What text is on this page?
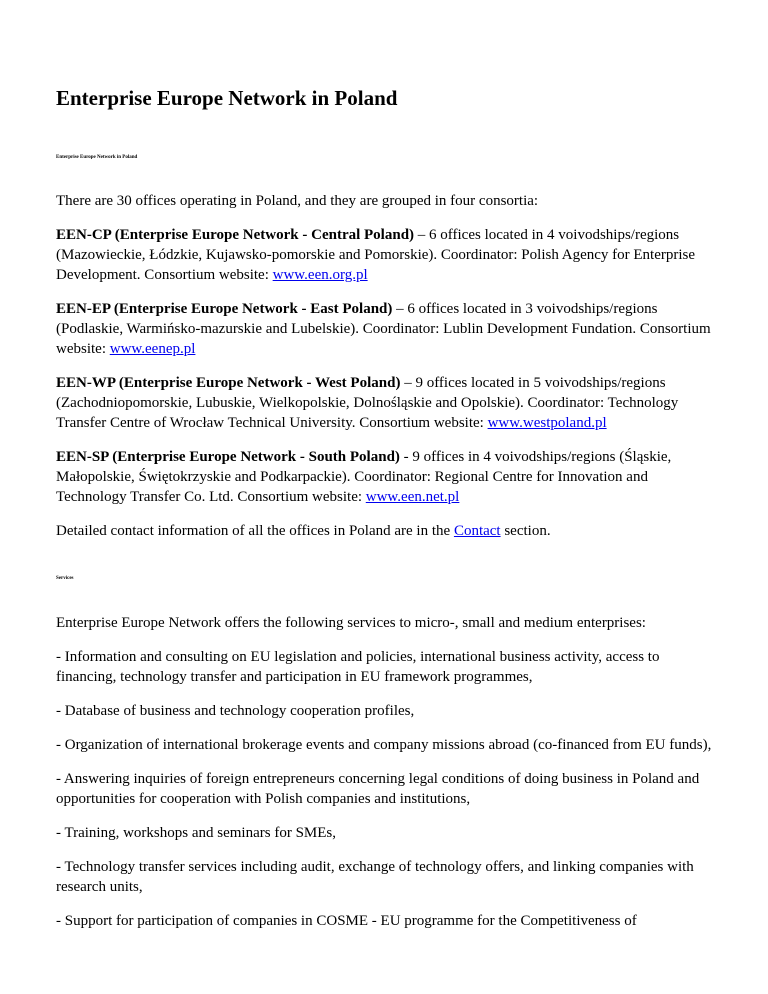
Enterprise Europe Network in Poland
Enterprise Europe Network in Poland

There are 30 offices operating in Poland, and they are grouped in four consortia:

EEN-CP (Enterprise Europe Network - Central Poland) – 6 offices located in 4 voivodships/regions (Mazowieckie, Łódzkie, Kujawsko-pomorskie and Pomorskie). Coordinator: Polish Agency for Enterprise Development. Consortium website: www.een.org.pl

EEN-EP (Enterprise Europe Network - East Poland) – 6 offices located in 3 voivodships/regions (Podlaskie, Warmińsko-mazurskie and Lubelskie). Coordinator: Lublin Development Fundation. Consortium website: www.eenep.pl

EEN-WP (Enterprise Europe Network - West Poland) – 9 offices located in 5 voivodships/regions (Zachodniopomorskie, Lubuskie, Wielkopolskie, Dolnośląskie and Opolskie). Coordinator: Technology Transfer Centre of Wrocław Technical University. Consortium website: www.westpoland.pl

EEN-SP (Enterprise Europe Network - South Poland) - 9 offices in 4 voivodships/regions (Śląskie, Małopolskie, Świętokrzyskie and Podkarpackie). Coordinator: Regional Centre for Innovation and Technology Transfer Co. Ltd. Consortium website: www.een.net.pl

Detailed contact information of all the offices in Poland are in the Contact section.

Services

Enterprise Europe Network offers the following services to micro-, small and medium enterprises:

- Information and consulting on EU legislation and policies, international business activity, access to financing, technology transfer and participation in EU framework programmes,

- Database of business and technology cooperation profiles,

- Organization of international brokerage events and company missions abroad (co-financed from EU funds),

- Answering inquiries of foreign entrepreneurs concerning legal conditions of doing business in Poland and opportunities for cooperation with Polish companies and institutions,

- Training, workshops and seminars for SMEs,

- Technology transfer services including audit, exchange of technology offers, and linking companies with research units,

- Support for participation of companies in COSME - EU programme for the Competitiveness of
